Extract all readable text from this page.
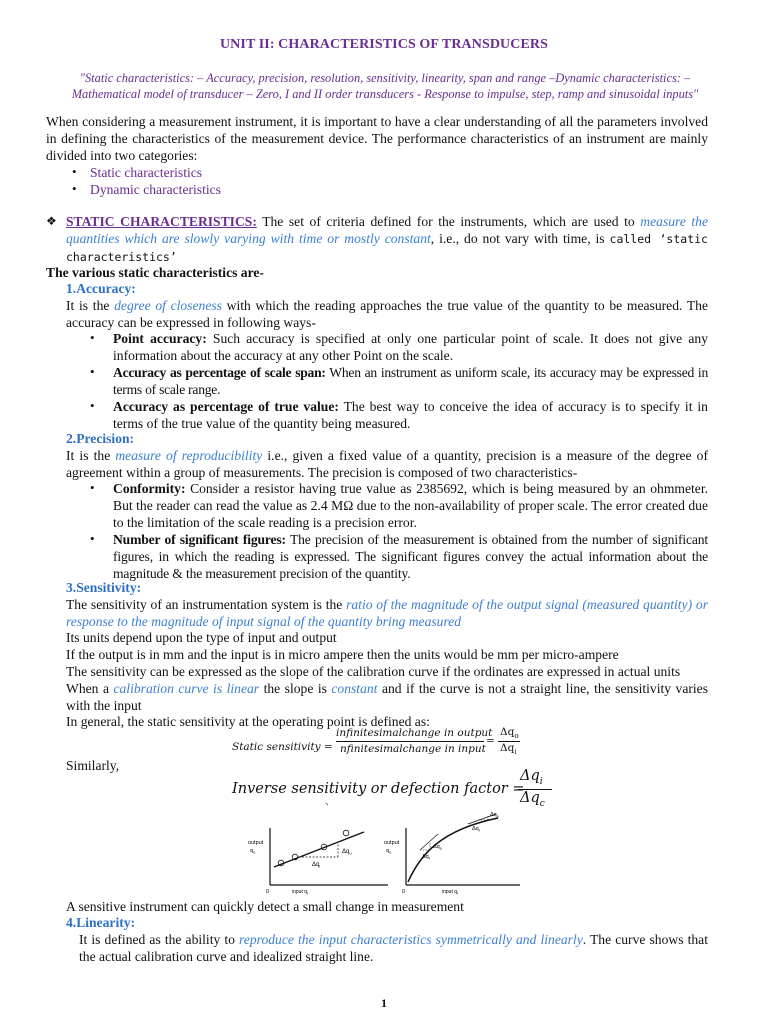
UNIT II: CHARACTERISTICS OF TRANSDUCERS
"Static characteristics: – Accuracy, precision, resolution, sensitivity, linearity, span and range –Dynamic characteristics: –
Mathematical model of transducer – Zero, I and II order transducers - Response to impulse, step, ramp and sinusoidal inputs"
When considering a measurement instrument, it is important to have a clear understanding of all the parameters involved in defining the characteristics of the measurement device. The performance characteristics of an instrument are mainly divided into two categories:
• Static characteristics
• Dynamic characteristics
❖ STATIC CHARACTERISTICS: The set of criteria defined for the instruments, which are used to measure the quantities which are slowly varying with time or mostly constant, i.e., do not vary with time, is called ‘static characteristics’
The various static characteristics are-
1.Accuracy:
It is the degree of closeness with which the reading approaches the true value of the quantity to be measured. The accuracy can be expressed in following ways-
• Point accuracy: Such accuracy is specified at only one particular point of scale. It does not give any information about the accuracy at any other Point on the scale.
• Accuracy as percentage of scale span: When an instrument as uniform scale, its accuracy may be expressed in terms of scale range.
• Accuracy as percentage of true value: The best way to conceive the idea of accuracy is to specify it in terms of the true value of the quantity being measured.
2.Precision:
It is the measure of reproducibility i.e., given a fixed value of a quantity, precision is a measure of the degree of agreement within a group of measurements. The precision is composed of two characteristics-
• Conformity: Consider a resistor having true value as 2385692, which is being measured by an ohmmeter. But the reader can read the value as 2.4 MΩ due to the non-availability of proper scale. The error created due to the limitation of the scale reading is a precision error.
• Number of significant figures: The precision of the measurement is obtained from the number of significant figures, in which the reading is expressed. The significant figures convey the actual information about the magnitude & the measurement precision of the quantity.
3.Sensitivity:
The sensitivity of an instrumentation system is the ratio of the magnitude of the output signal (measured quantity) or response to the magnitude of input signal of the quantity bring measured
Its units depend upon the type of input and output
If the output is in mm and the input is in micro ampere then the units would be mm per micro-ampere
The sensitivity can be expressed as the slope of the calibration curve if the ordinates are expressed in actual units
When a calibration curve is linear the slope is constant and if the curve is not a straight line, the sensitivity varies with the input
In general, the static sensitivity at the operating point is defined as:
Static sensitivity =
infinitesimalchange in output
nfinitesimalchange in input
=
$\Delta q_o$
$\Delta q_i$
Similarly,
Inverse sensitivity or defection factor =
$\Delta q_i$
$\Delta q_c$
output
$q_o$
0	input $q_i$
$\Delta q_o$
$\Delta q_i$
output
$q_o$
0	input $q_i$
$\Delta q_o$
$\Delta q_i$
$\Delta q_o$
$\Delta q_i$
A sensitive instrument can quickly detect a small change in measurement
4.Linearity:
It is defined as the ability to reproduce the input characteristics symmetrically and linearly. The curve shows that the actual calibration curve and idealized straight line.
1
